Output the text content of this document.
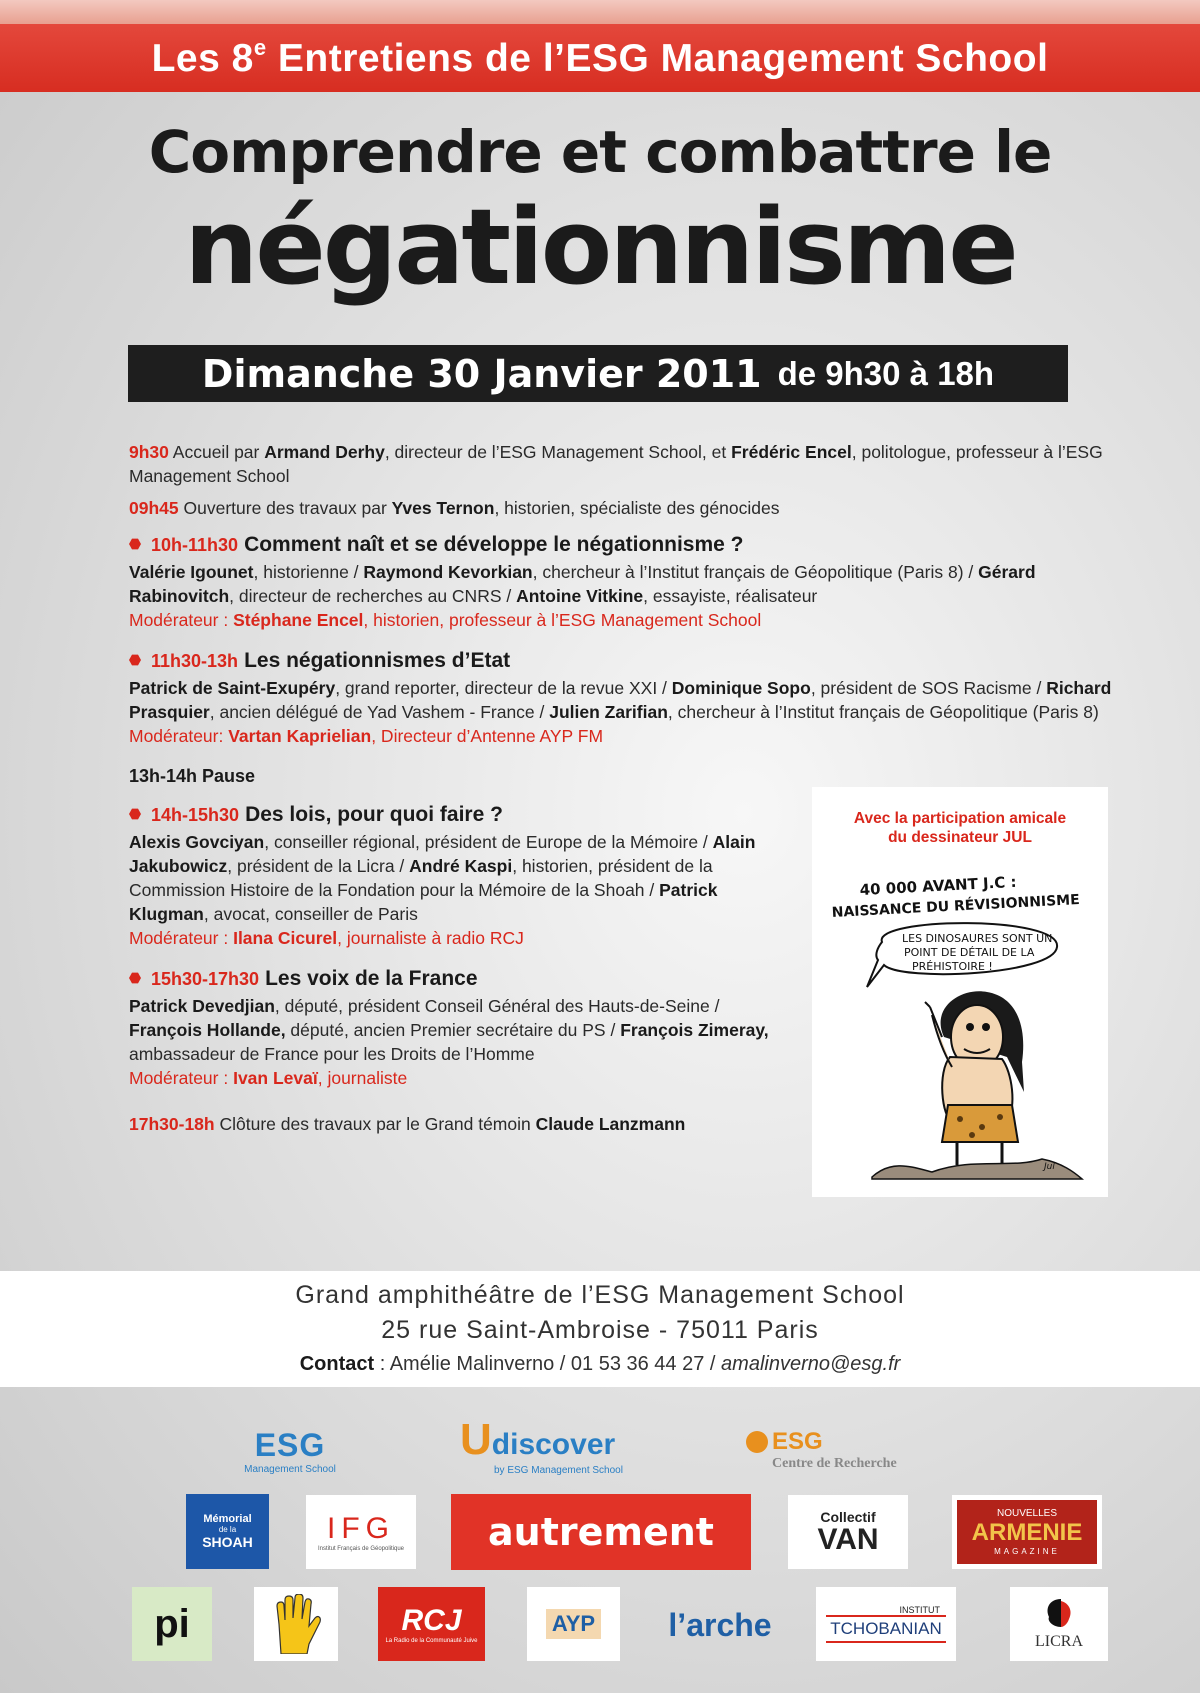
Les 8e Entretiens de l’ESG Management School
Comprendre et combattre le
négationnisme
Dimanche 30 Janvier 2011 de 9h30 à 18h

9h30 Accueil par Armand Derhy, directeur de l’ESG Management School, et Frédéric Encel, politologue, professeur à l’ESG Management School

09h45 Ouverture des travaux par Yves Ternon, historien, spécialiste des génocides

10h-11h30 Comment naît et se développe le négationnisme ?

Valérie Igounet, historienne / Raymond Kevorkian, chercheur à l’Institut français de Géopolitique (Paris 8) / Gérard Rabinovitch, directeur de recherches au CNRS / Antoine Vitkine, essayiste, réalisateur

Modérateur : Stéphane Encel, historien, professeur à l’ESG Management School

11h30-13h Les négationnismes d’Etat

Patrick de Saint-Exupéry, grand reporter, directeur de la revue XXI / Dominique Sopo, président de SOS Racisme / Richard Prasquier, ancien délégué de Yad Vashem - France / Julien Zarifian, chercheur à l’Institut français de Géopolitique (Paris 8)

Modérateur: Vartan Kaprielian, Directeur d’Antenne AYP FM

13h-14h Pause
14h-15h30 Des lois, pour quoi faire ?

Alexis Govciyan, conseiller régional, président de Europe de la Mémoire / Alain Jakubowicz, président de la Licra / André Kaspi, historien, président de la Commission Histoire de la Fondation pour la Mémoire de la Shoah / Patrick Klugman, avocat, conseiller de Paris

Modérateur : Ilana Cicurel, journaliste à radio RCJ

15h30-17h30 Les voix de la France

Patrick Devedjian, député, président Conseil Général des Hauts-de-Seine / François Hollande, député, ancien Premier secrétaire du PS / François Zimeray, ambassadeur de France pour les Droits de l’Homme

Modérateur : Ivan Levaï, journaliste

17h30-18h Clôture des travaux par le Grand témoin Claude Lanzmann

Avec la participation amicale
du dessinateur JUL
40 000 AVANT J.C :
NAISSANCE DU RÉVISIONNISME
LES DINOSAURES SONT UN
POINT DE DÉTAIL DE LA
PRÉHISTOIRE !
Jul
Grand amphithéâtre de l’ESG Management School
25 rue Saint-Ambroise - 75011 Paris
Contact : Amélie Malinverno / 01 53 36 44 27 / amalinverno@esg.fr
ESG
Management School
Udiscover
by ESG Management School
ESG
Centre de Recherche
Mémorial
de la
SHOAH IFG
Institut Français de Géopolitique autrement	Collectif
VAN
NOUVELLES
ARMENIE
MAGAZINE
pi	RCJ
La Radio de la Communauté Juive
AYP l’arche	INSTITUT
TCHOBANIAN
LICRA
